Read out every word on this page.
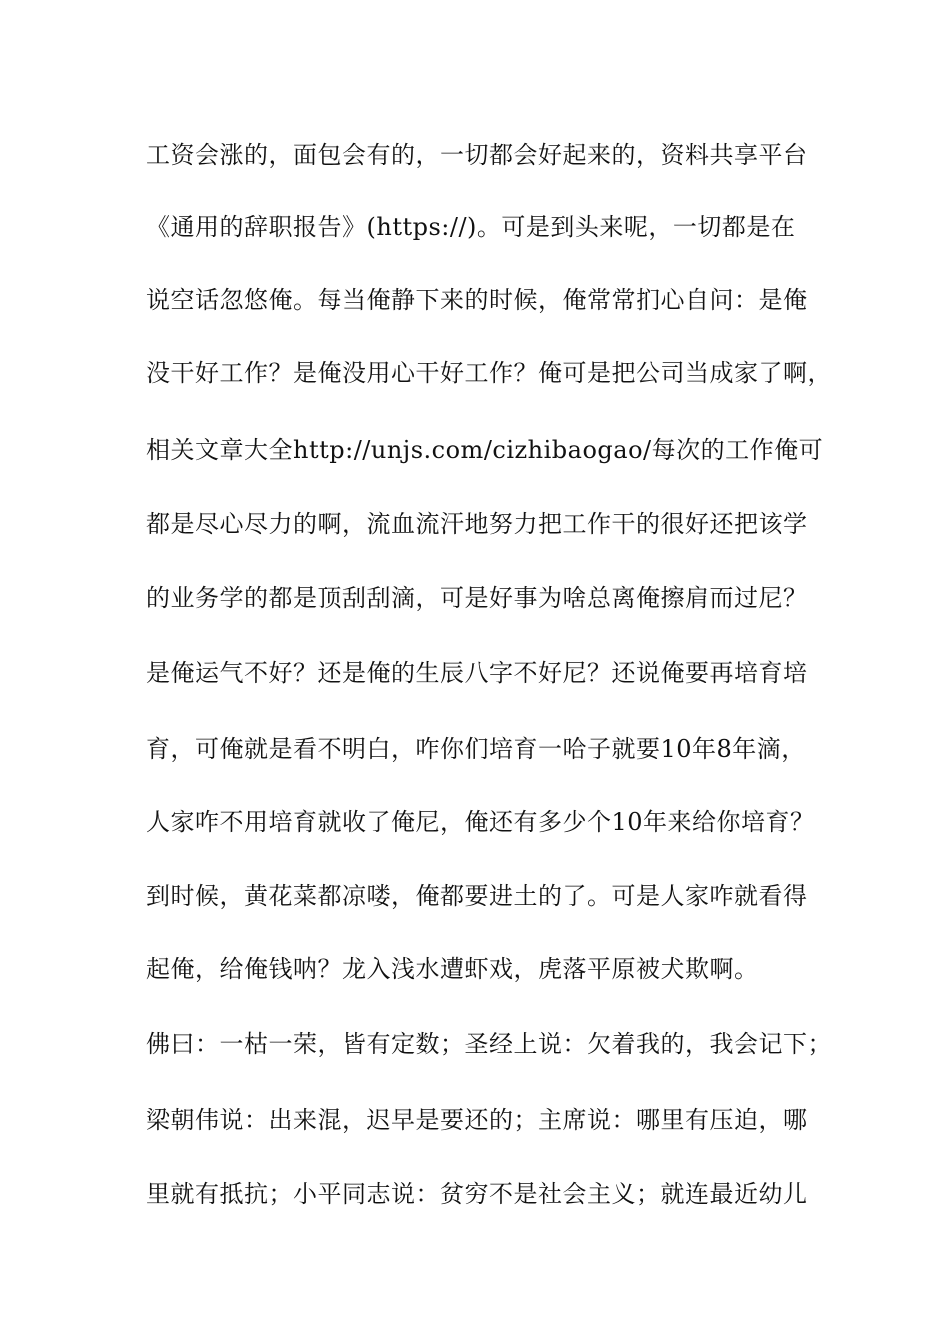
工资会涨的，面包会有的，一切都会好起来的，资料共享平台
《通用的辞职报告》(https://)。可是到头来呢，一切都是在
说空话忽悠俺。每当俺静下来的时候，俺常常扪心自问：是俺
没干好工作？是俺没用心干好工作？俺可是把公司当成家了啊，
相关文章大全http://unjs.com/cizhibaogao/每次的工作俺可
都是尽心尽力的啊，流血流汗地努力把工作干的很好还把该学
的业务学的都是顶刮刮滴，可是好事为啥总离俺擦肩而过尼？
是俺运气不好？还是俺的生辰八字不好尼？还说俺要再培育培
育，可俺就是看不明白，咋你们培育一哈子就要10年8年滴，
人家咋不用培育就收了俺尼，俺还有多少个10年来给你培育？
到时候，黄花菜都凉喽，俺都要进土的了。可是人家咋就看得
起俺，给俺钱呐？龙入浅水遭虾戏，虎落平原被犬欺啊。
佛曰：一枯一荣，皆有定数；圣经上说：欠着我的，我会记下；
梁朝伟说：出来混，迟早是要还的；主席说：哪里有压迫，哪
里就有抵抗；小平同志说：贫穷不是社会主义；就连最近幼儿
